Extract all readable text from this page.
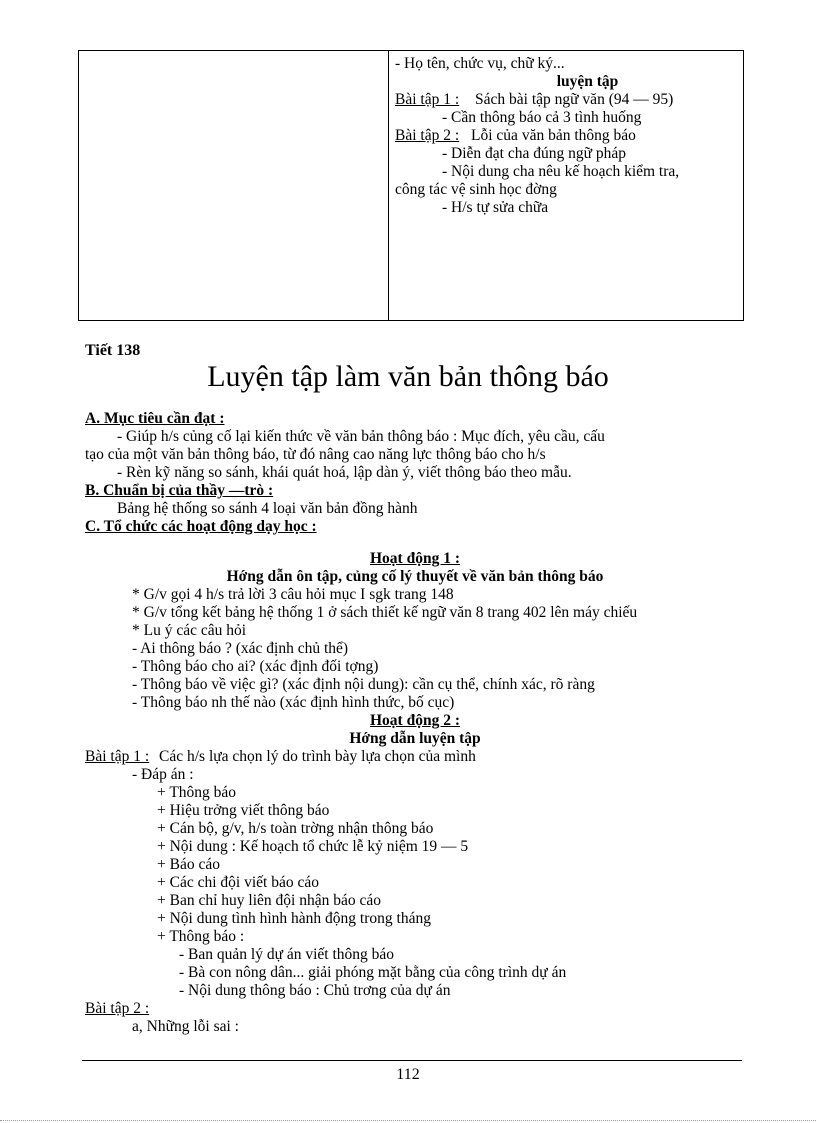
- Họ tên, chức vụ, chữ ký...
luyện tập
Bài tập 1 : Sách bài tập ngữ văn (94 — 95)
- Cần thông báo cả 3 tình huống
Bài tập 2 : Lỗi của văn bản thông báo
- Diễn đạt cha đúng ngữ pháp
- Nội dung cha nêu kế hoạch kiểm tra,
công tác vệ sinh học đờng
- H/s tự sửa chữa
Tiết 138
Luyện tập làm văn bản thông báo
A. Mục tiêu cần đạt :
- Giúp h/s củng cố lại kiến thức về văn bản thông báo : Mục đích, yêu cầu, cấu
tạo của một văn bản thông báo, từ đó nâng cao năng lực thông báo cho h/s
- Rèn kỹ năng so sánh, khái quát hoá, lập dàn ý, viết thông báo theo mẫu.
B. Chuẩn bị của thầy —trò :
Bảng hệ thống so sánh 4 loại văn bản đồng hành
C. Tổ chức các hoạt động dạy học :
Hoạt động 1 :
Hớng dẫn ôn tập, củng cố lý thuyết về văn bản thông báo
* G/v gọi 4 h/s trả lời 3 câu hỏi mục I sgk trang 148
* G/v tổng kết bảng hệ thống 1 ở sách thiết kế ngữ văn 8 trang 402 lên máy chiếu
* Lu ý các câu hỏi
- Ai thông báo ? (xác định chủ thể)
- Thông báo cho ai? (xác định đối tợng)
- Thông báo về việc gì? (xác định nội dung): cần cụ thể, chính xác, rõ ràng
- Thông báo nh thế nào (xác định hình thức, bố cục)
Hoạt động 2 :
Hớng dẫn luyện tập
Bài tập 1 : Các h/s lựa chọn lý do trình bày lựa chọn của mình
- Đáp án :
+ Thông báo
+ Hiệu trởng viết thông báo
+ Cán bộ, g/v, h/s toàn trờng nhận thông báo
+ Nội dung : Kế hoạch tổ chức lễ kỷ niệm 19 — 5
+ Báo cáo
+ Các chi đội viết báo cáo
+ Ban chỉ huy liên đội nhận báo cáo
+ Nội dung tình hình hành động trong tháng
+ Thông báo :
- Ban quản lý dự án viết thông báo
- Bà con nông dân... giải phóng mặt bằng của công trình dự án
- Nội dung thông báo : Chủ trơng của dự án
Bài tập 2 :
a, Những lỗi sai :
112
